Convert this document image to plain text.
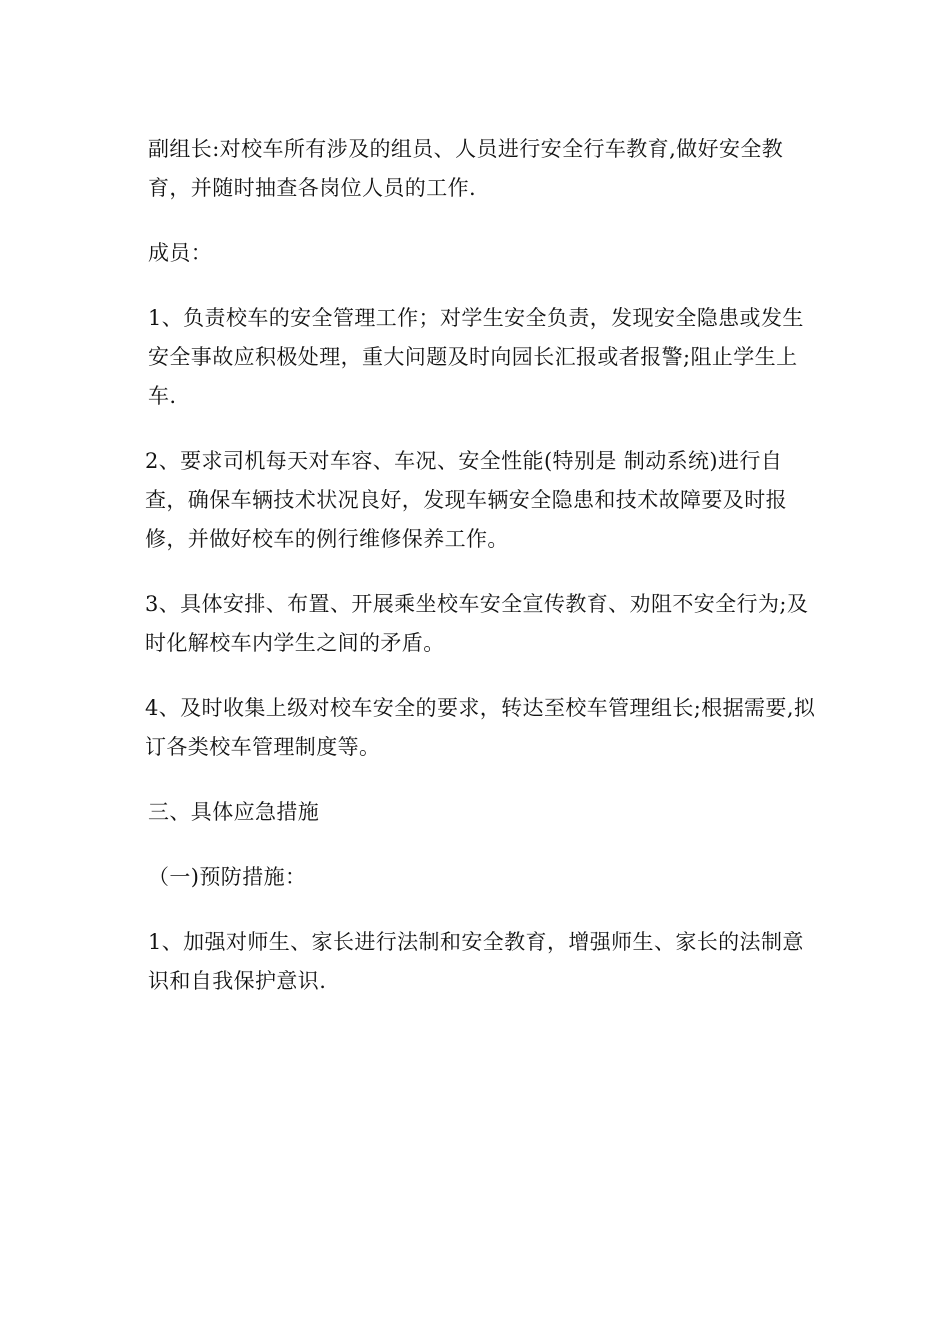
副组长:对校车所有涉及的组员、人员进行安全行车教育,做好安全教育，并随时抽查各岗位人员的工作.

成员：

1、负责校车的安全管理工作；对学生安全负责，发现安全隐患或发生安全事故应积极处理，重大问题及时向园长汇报或者报警;阻止学生上车.

2、要求司机每天对车容、车况、安全性能(特别是 制动系统)进行自查，确保车辆技术状况良好，发现车辆安全隐患和技术故障要及时报修，并做好校车的例行维修保养工作。

3、具体安排、布置、开展乘坐校车安全宣传教育、劝阻不安全行为;及时化解校车内学生之间的矛盾。

4、及时收集上级对校车安全的要求，转达至校车管理组长;根据需要,拟订各类校车管理制度等。

三、具体应急措施

（一)预防措施：

1、加强对师生、家长进行法制和安全教育，增强师生、家长的法制意识和自我保护意识.
